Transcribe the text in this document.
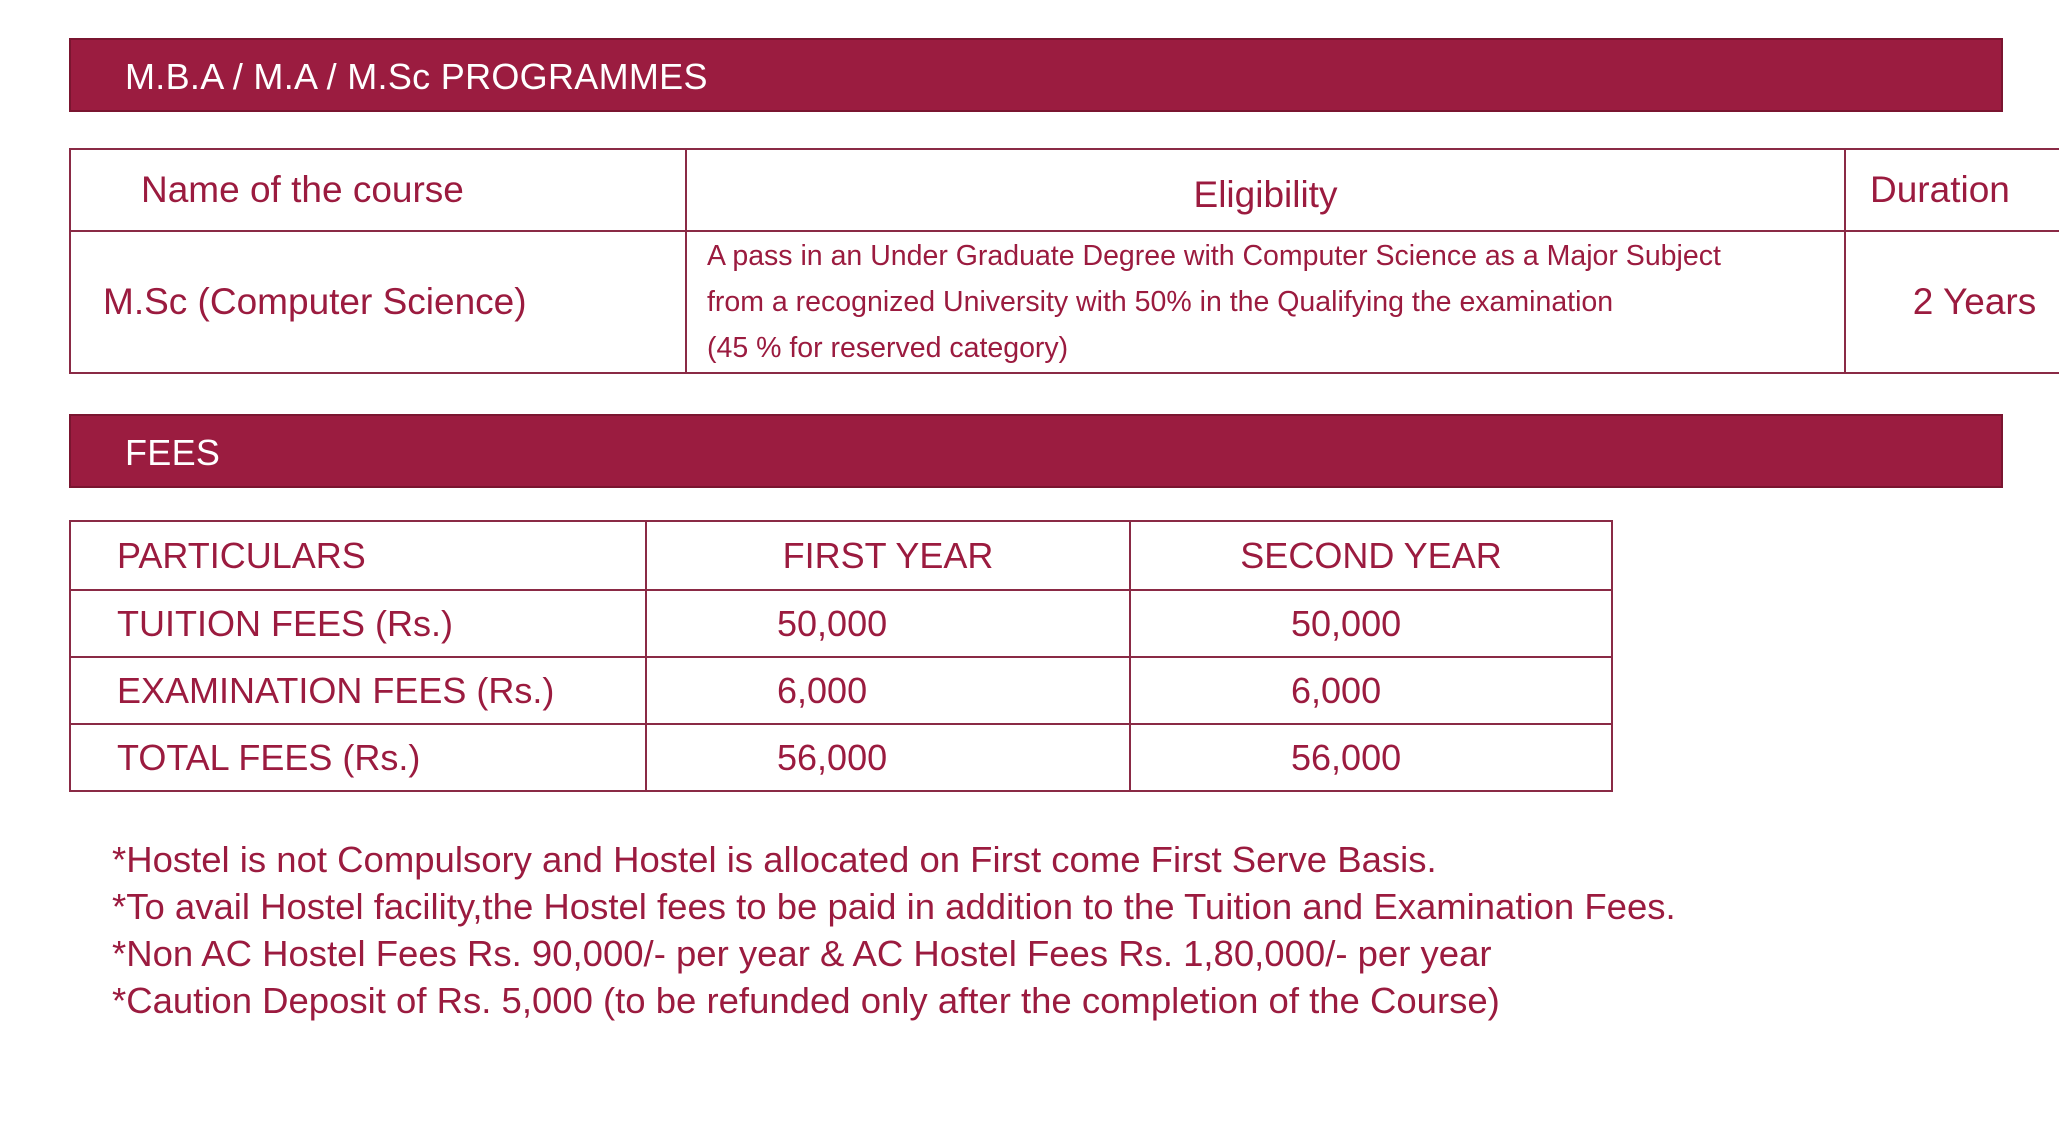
M.B.A / M.A / M.Sc PROGRAMMES
Name of the course	Eligibility	Duration
M.Sc (Computer Science)	A pass in an Under Graduate Degree with Computer Science as a Major Subject
from a recognized University with 50% in the Qualifying the examination
(45 % for reserved category)	2 Years
FEES
PARTICULARS	FIRST YEAR	SECOND YEAR
TUITION FEES (Rs.)	50,000	50,000
EXAMINATION FEES (Rs.)	6,000	6,000
TOTAL FEES (Rs.)	56,000	56,000
*Hostel is not Compulsory and Hostel is allocated on First come First Serve Basis.
*To avail Hostel facility,the Hostel fees to be paid in addition to the Tuition and Examination Fees.
*Non AC Hostel Fees Rs. 90,000/- per year & AC Hostel Fees Rs. 1,80,000/- per year
*Caution Deposit of Rs. 5,000 (to be refunded only after the completion of the Course)
